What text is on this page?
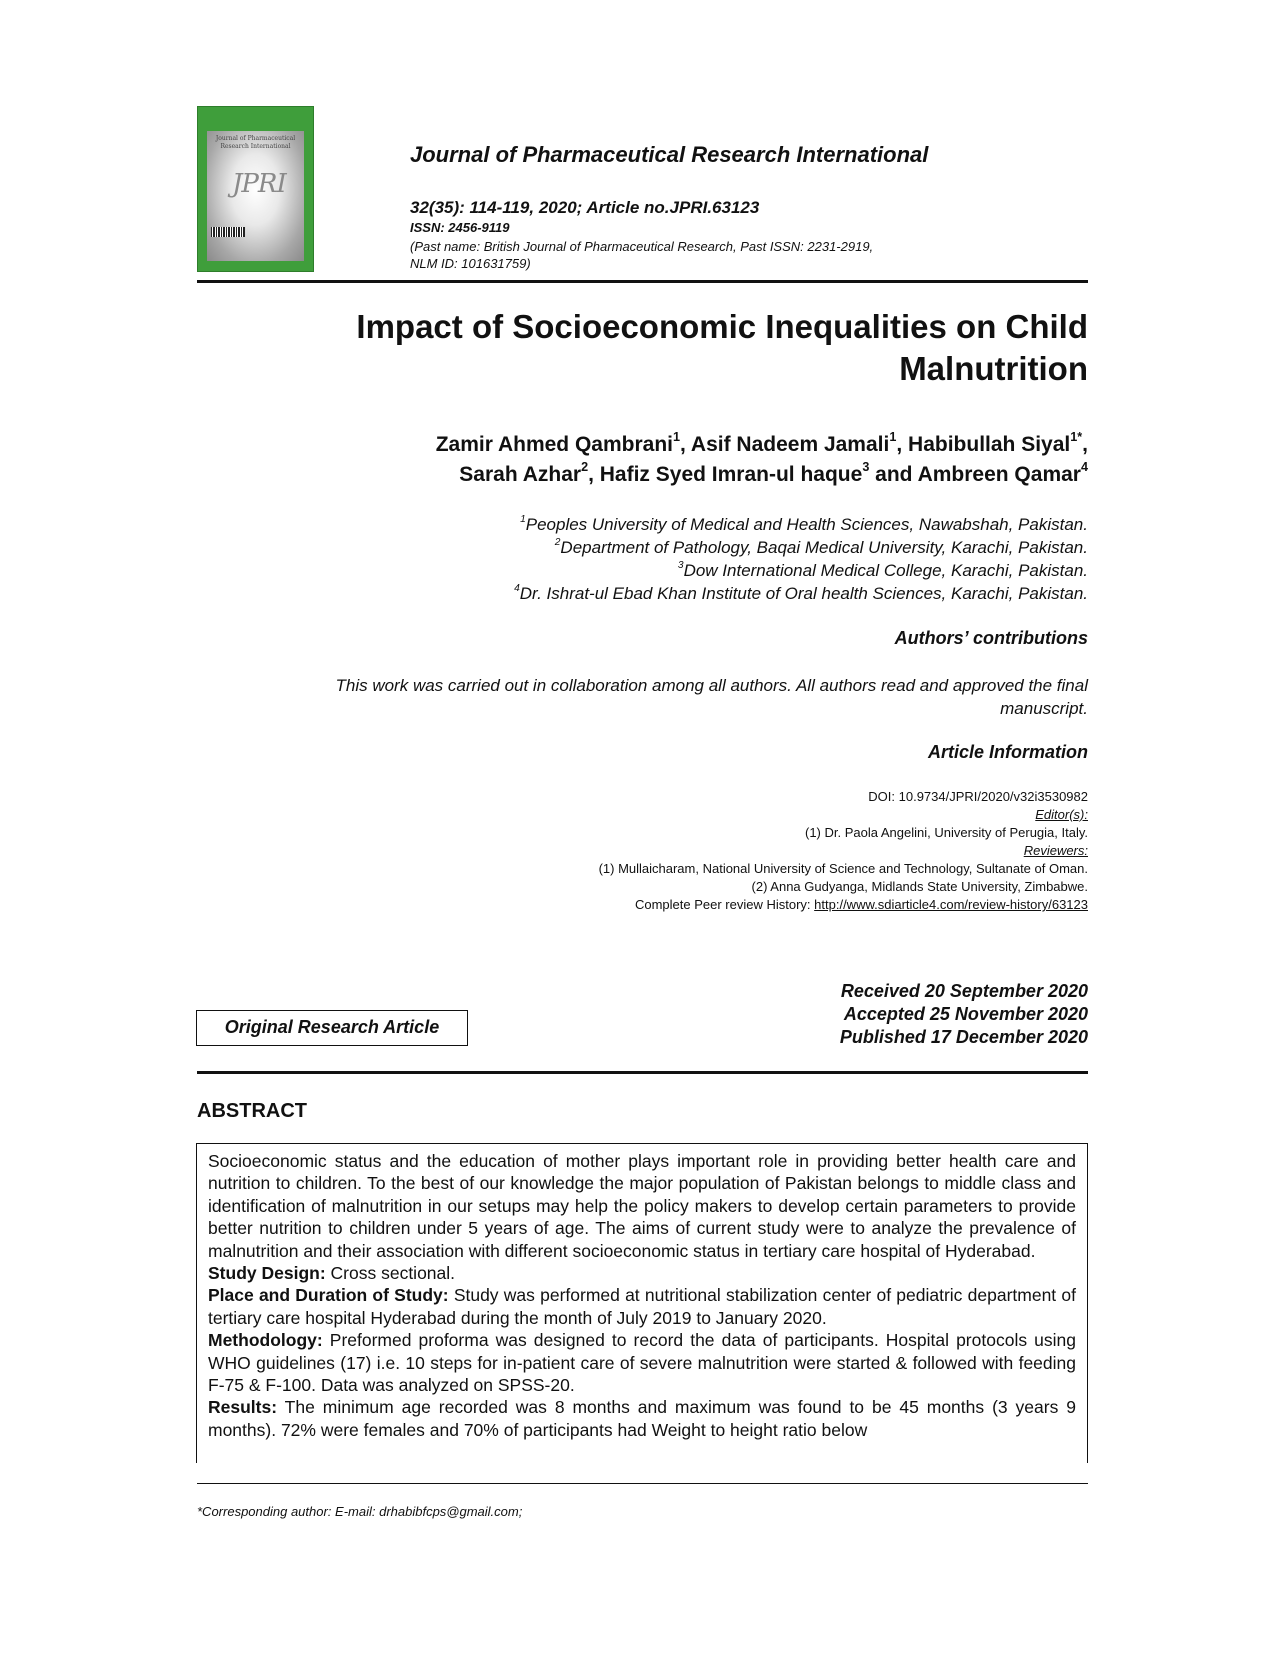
Journal of Pharmaceutical
Research International
JPRI
Journal of Pharmaceutical Research International
32(35): 114-119, 2020; Article no.JPRI.63123
ISSN: 2456-9119
(Past name: British Journal of Pharmaceutical Research, Past ISSN: 2231-2919,
NLM ID: 101631759)
Impact of Socioeconomic Inequalities on Child
Malnutrition
Zamir Ahmed Qambrani$^1$, Asif Nadeem Jamali$^1$, Habibullah Siyal$^{1*}$,
Sarah Azhar$^2$, Hafiz Syed Imran-ul haque$^3$ and Ambreen Qamar$^4$
$^1$Peoples University of Medical and Health Sciences, Nawabshah, Pakistan.
$^2$Department of Pathology, Baqai Medical University, Karachi, Pakistan.
$^3$Dow International Medical College, Karachi, Pakistan.
$^4$Dr. Ishrat-ul Ebad Khan Institute of Oral health Sciences, Karachi, Pakistan.
Authors’ contributions
This work was carried out in collaboration among all authors. All authors read and approved the final
manuscript.
Article Information
DOI: 10.9734/JPRI/2020/v32i3530982
Editor(s):
(1) Dr. Paola Angelini, University of Perugia, Italy.
Reviewers:
(1) Mullaicharam, National University of Science and Technology, Sultanate of Oman.
(2) Anna Gudyanga, Midlands State University, Zimbabwe.
Complete Peer review History: http://www.sdiarticle4.com/review-history/63123
Original Research Article
Received 20 September 2020
Accepted 25 November 2020
Published 17 December 2020
ABSTRACT

Socioeconomic status and the education of mother plays important role in providing better health care and nutrition to children. To the best of our knowledge the major population of Pakistan belongs to middle class and identification of malnutrition in our setups may help the policy makers to develop certain parameters to provide better nutrition to children under 5 years of age. The aims of current study were to analyze the prevalence of malnutrition and their association with different socioeconomic status in tertiary care hospital of Hyderabad.

Study Design: Cross sectional.

Place and Duration of Study: Study was performed at nutritional stabilization center of pediatric department of tertiary care hospital Hyderabad during the month of July 2019 to January 2020.

Methodology: Preformed proforma was designed to record the data of participants. Hospital protocols using WHO guidelines (17) i.e. 10 steps for in-patient care of severe malnutrition were started & followed with feeding F-75 & F-100. Data was analyzed on SPSS-20.

Results: The minimum age recorded was 8 months and maximum was found to be 45 months (3 years 9 months). 72% were females and 70% of participants had Weight to height ratio below

*Corresponding author: E-mail: drhabibfcps@gmail.com;
